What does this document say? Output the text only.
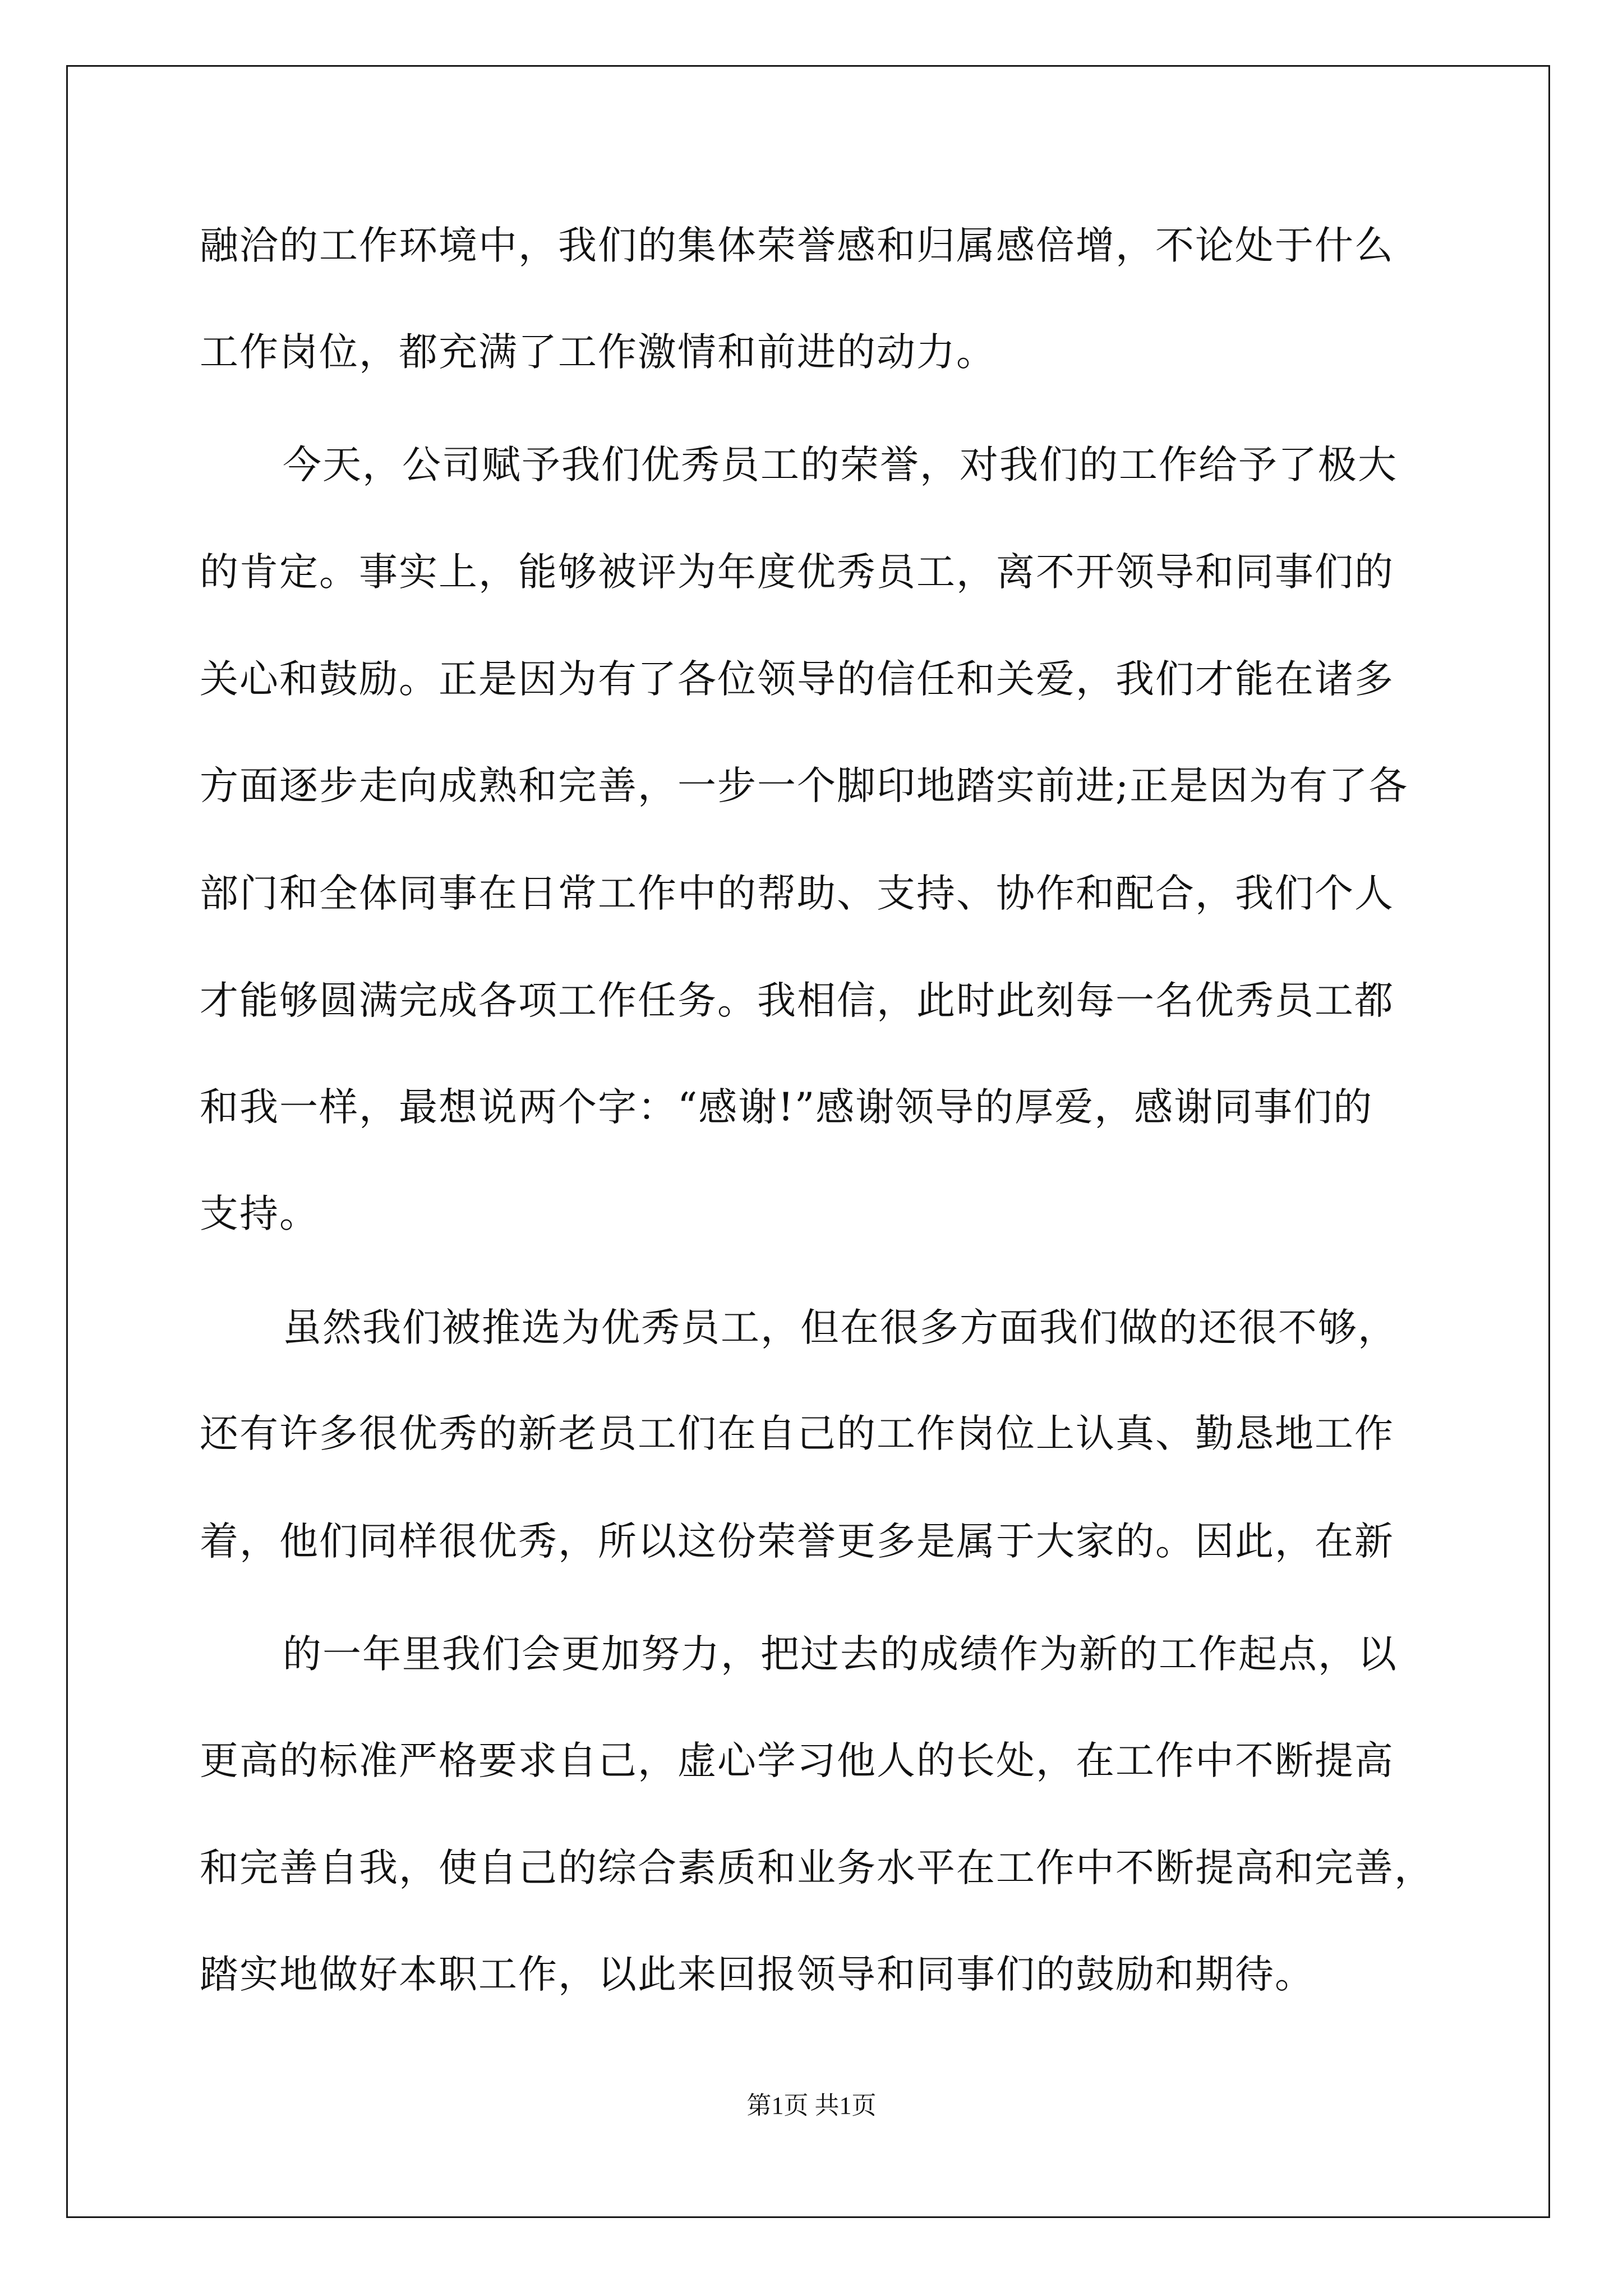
融洽的工作环境中，我们的集体荣誉感和归属感倍增，不论处于什么
工作岗位，都充满了工作激情和前进的动力。
今天，公司赋予我们优秀员工的荣誉，对我们的工作给予了极大
的肯定。事实上，能够被评为年度优秀员工，离不开领导和同事们的
关心和鼓励。正是因为有了各位领导的信任和关爱，我们才能在诸多
方面逐步走向成熟和完善，一步一个脚印地踏实前进;正是因为有了各
部门和全体同事在日常工作中的帮助、支持、协作和配合，我们个人
才能够圆满完成各项工作任务。我相信，此时此刻每一名优秀员工都
和我一样，最想说两个字：“感谢!”感谢领导的厚爱，感谢同事们的
支持。
虽然我们被推选为优秀员工，但在很多方面我们做的还很不够，
还有许多很优秀的新老员工们在自己的工作岗位上认真、勤恳地工作
着，他们同样很优秀，所以这份荣誉更多是属于大家的。因此，在新
的一年里我们会更加努力，把过去的成绩作为新的工作起点，以
更高的标准严格要求自己，虚心学习他人的长处，在工作中不断提高
和完善自我，使自己的综合素质和业务水平在工作中不断提高和完善，
踏实地做好本职工作，以此来回报领导和同事们的鼓励和期待。
第1页 共1页
